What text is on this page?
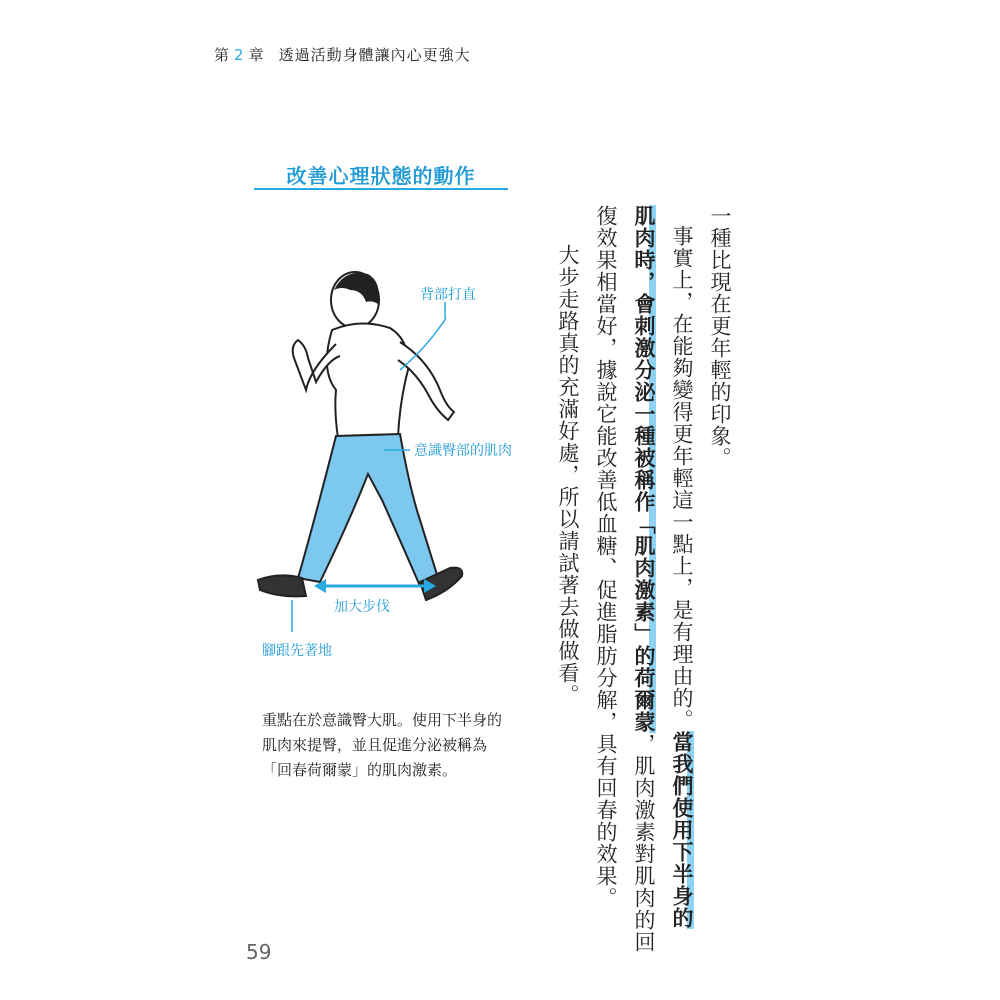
第 2 章 透過活動身體讓內心更強大
改善心理狀態的動作
背部打直
意識臀部的肌肉
加大步伐
腳跟先著地
重點在於意識臀大肌。使用下半身的肌肉來提臀，並且促進分泌被稱為「回春荷爾蒙」的肌肉激素。
一種比現在更年輕的印象。
事實上，在能夠變得更年輕這一點上，是有理由的。當我們使用下半身的
肌肉時，會刺激分泌一種被稱作「肌肉激素」的荷爾蒙，肌肉激素對肌肉的回
復效果相當好，據說它能改善低血糖、促進脂肪分解，具有回春的效果。
大步走路真的充滿好處，所以請試著去做做看。
59
